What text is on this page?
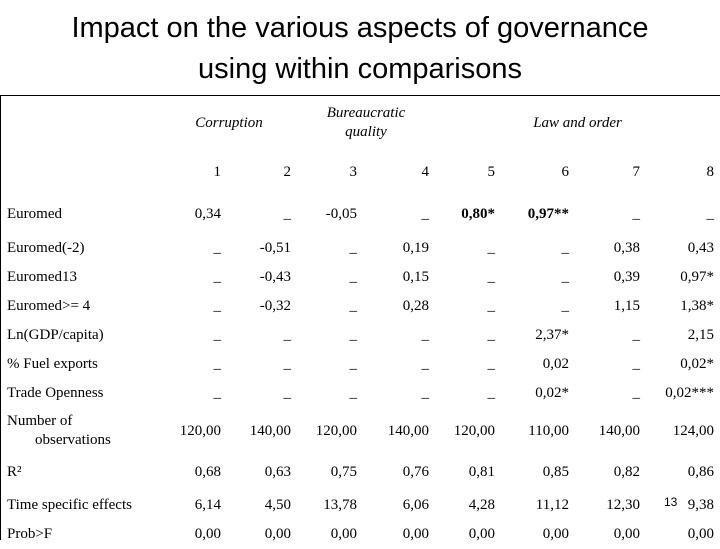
Impact on the various aspects of governance
using within comparisons
	Corruption		Bureaucratic quality		Law and order			
	1	2	3	4	5	6	7	8
Euromed	0,34	_	-0,05	_	0,80*	0,97**	_	_
Euromed(-2)	_	-0,51	_	0,19	_	_	0,38	0,43
Euromed13	_	-0,43	_	0,15	_	_	0,39	0,97*
Euromed>= 4	_	-0,32	_	0,28	_	_	1,15	1,38*
Ln(GDP/capita)	_	_	_	_	_	2,37*	_	2,15
% Fuel exports	_	_	_	_	_	0,02	_	0,02*
Trade Openness	_	_	_	_	_	0,02*	_	0,02***
Number of
observations	120,00	140,00	120,00	140,00	120,00	110,00	140,00	124,00
R²	0,68	0,63	0,75	0,76	0,81	0,85	0,82	0,86
Time specific effects	6,14	4,50	13,78	6,06	4,28	11,12	12,30	9,38
Prob>F	0,00	0,00	0,00	0,00	0,00	0,00	0,00	0,00
13
